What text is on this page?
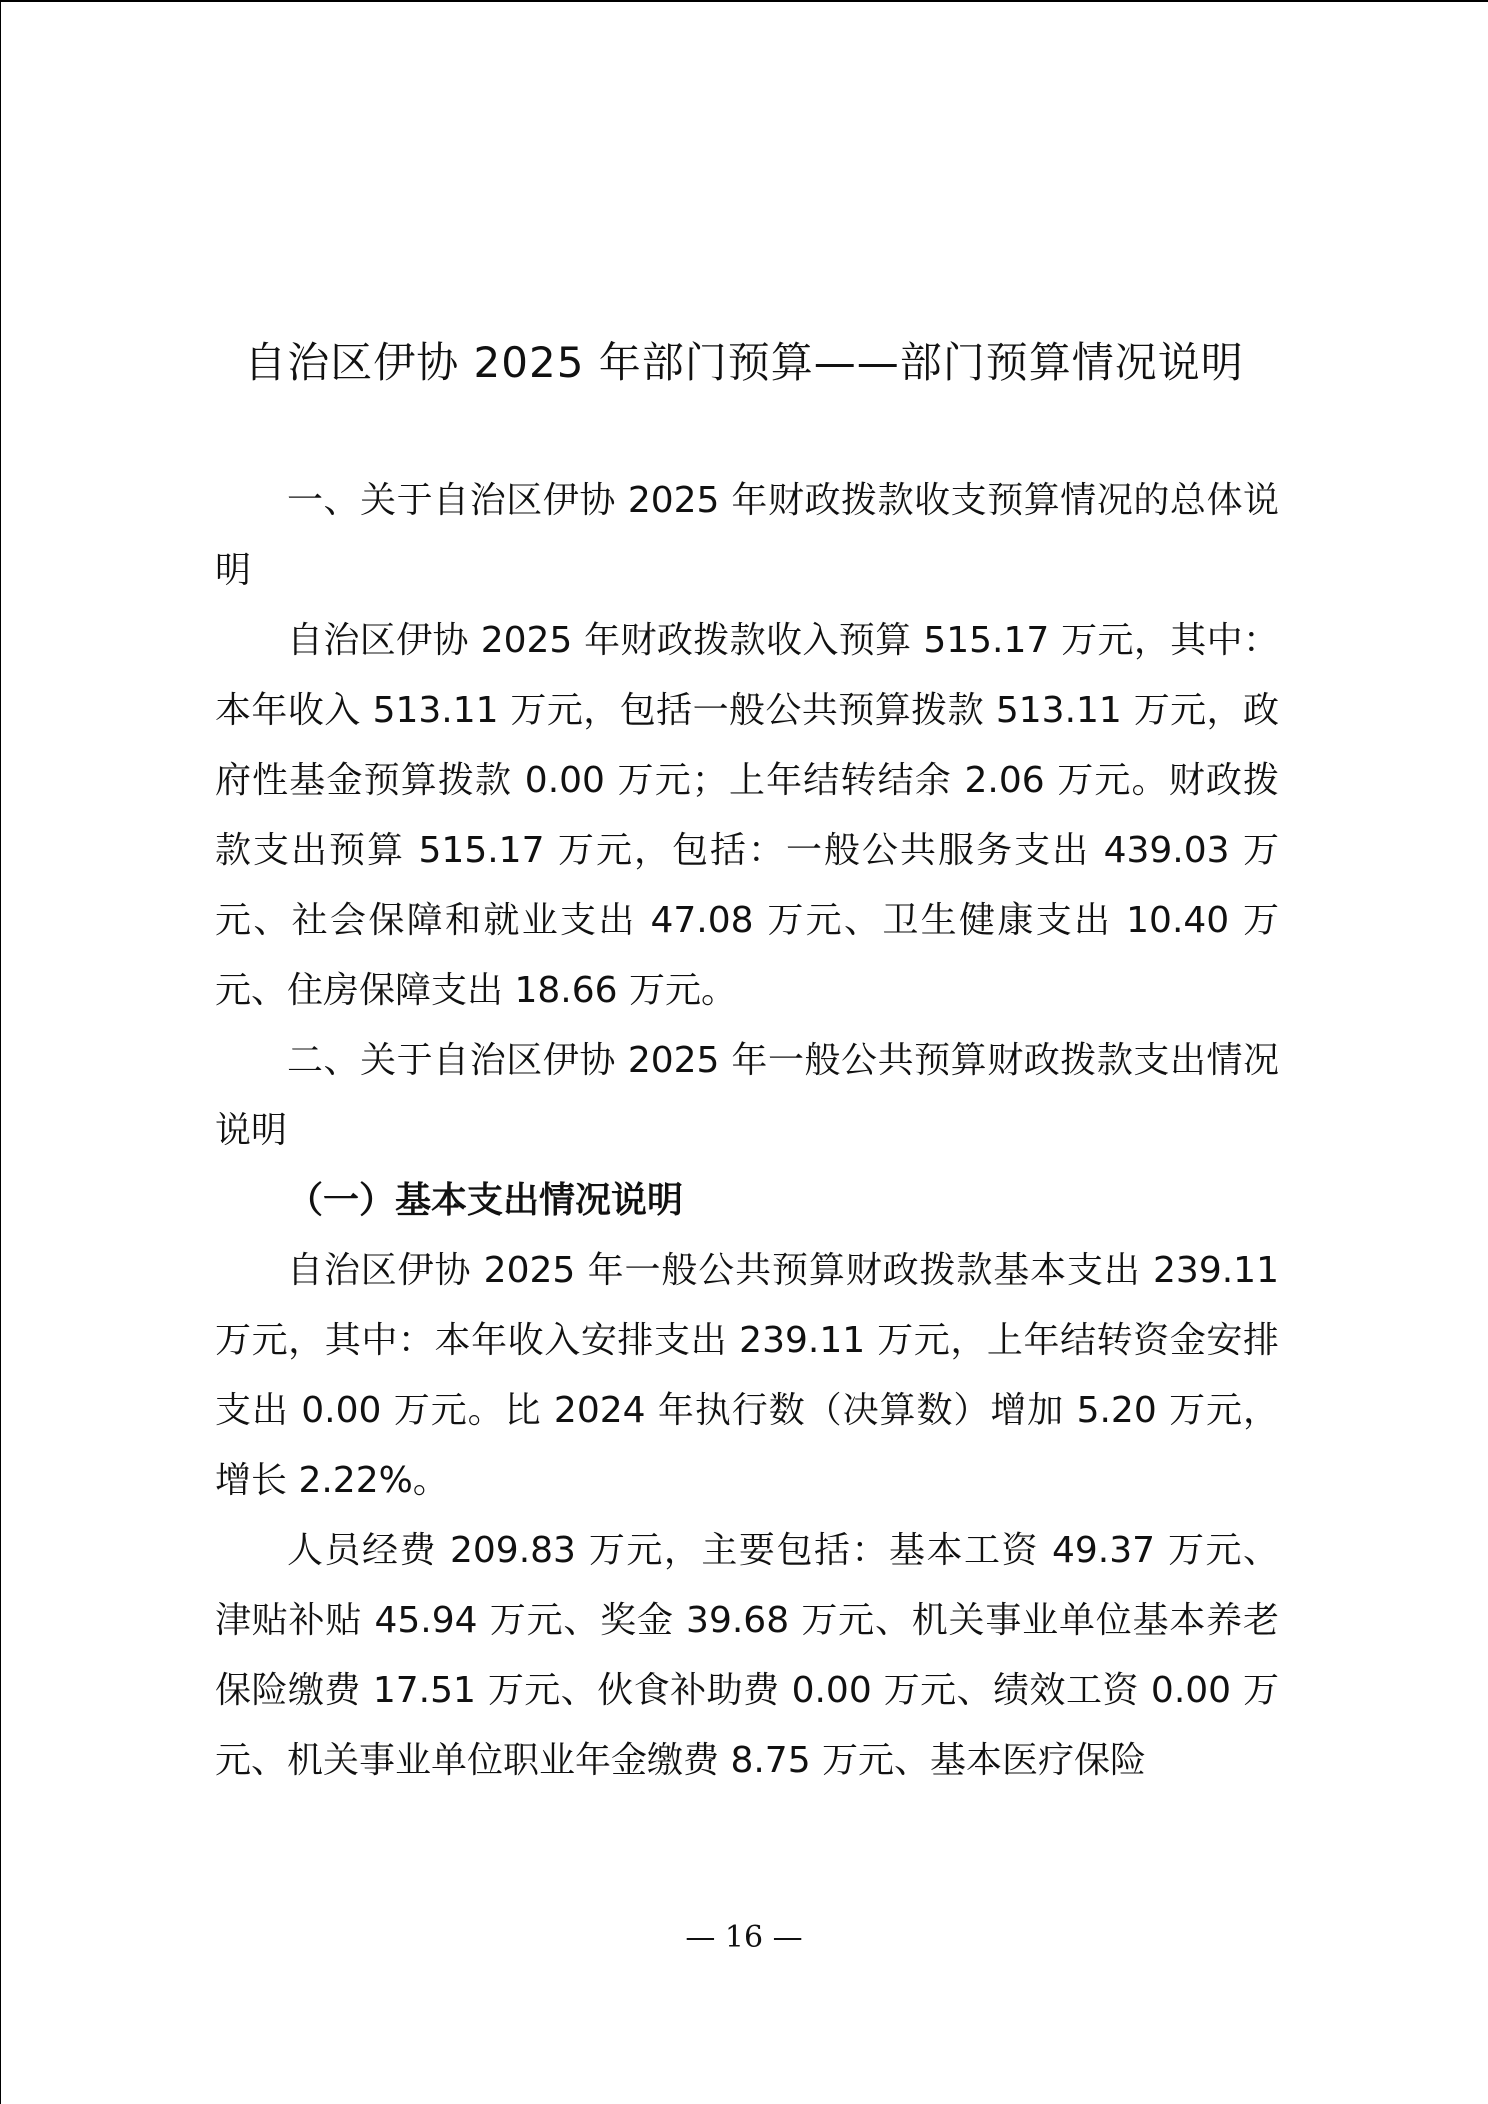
自治区伊协 2025 年部门预算——部门预算情况说明

一、关于自治区伊协 2025 年财政拨款收支预算情况的总体说明

自治区伊协 2025 年财政拨款收入预算 515.17 万元，其中：本年收入 513.11 万元，包括一般公共预算拨款 513.11 万元，政府性基金预算拨款 0.00 万元；上年结转结余 2.06 万元。财政拨款支出预算 515.17 万元，包括：一般公共服务支出 439.03 万元、社会保障和就业支出 47.08 万元、卫生健康支出 10.40 万元、住房保障支出 18.66 万元。

二、关于自治区伊协 2025 年一般公共预算财政拨款支出情况说明

（一）基本支出情况说明

自治区伊协 2025 年一般公共预算财政拨款基本支出 239.11 万元，其中：本年收入安排支出 239.11 万元，上年结转资金安排支出 0.00 万元。比 2024 年执行数（决算数）增加 5.20 万元，增长 2.22%。

人员经费 209.83 万元，主要包括：基本工资 49.37 万元、津贴补贴 45.94 万元、奖金 39.68 万元、机关事业单位基本养老保险缴费 17.51 万元、伙食补助费 0.00 万元、绩效工资 0.00 万元、机关事业单位职业年金缴费 8.75 万元、基本医疗保险

— 16 —
